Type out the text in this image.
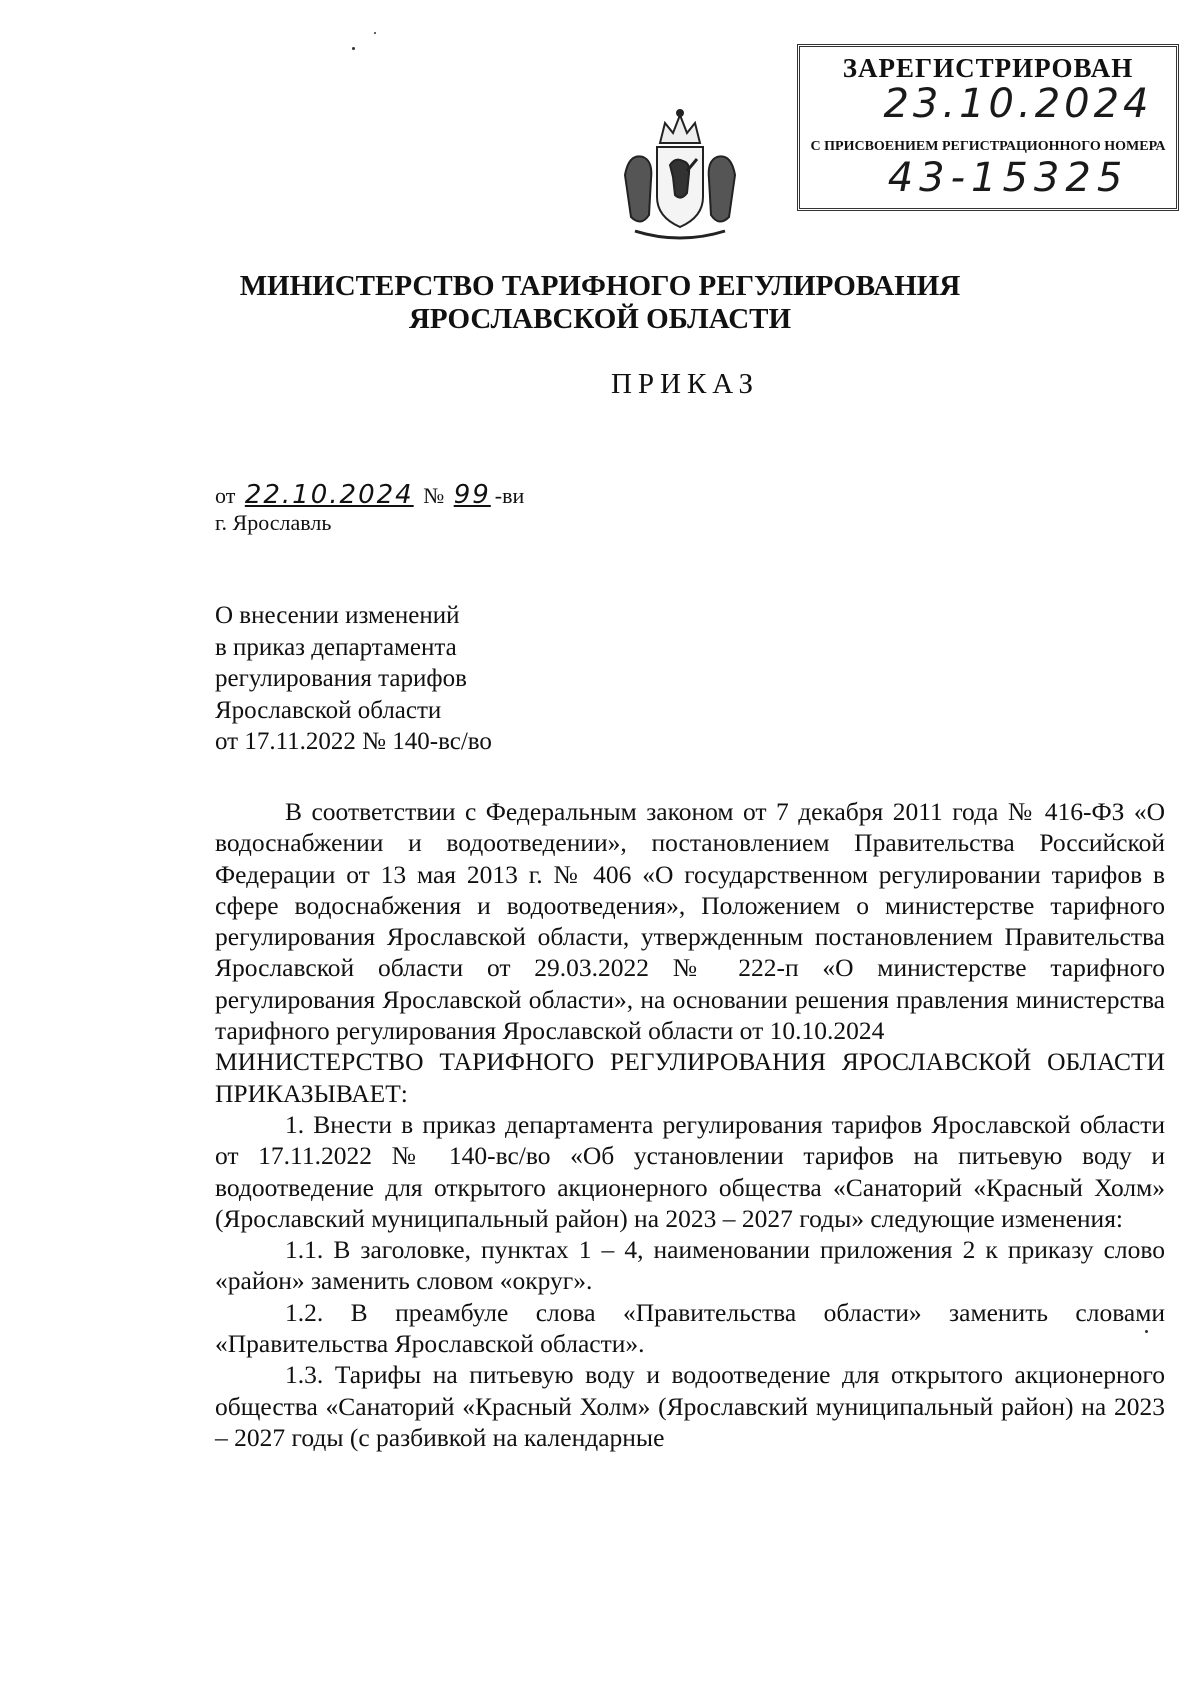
ЗАРЕГИСТРИРОВАН
23.10.2024
С ПРИСВОЕНИЕМ РЕГИСТРАЦИОННОГО НОМЕРА
43-15325
МИНИСТЕРСТВО ТАРИФНОГО РЕГУЛИРОВАНИЯ
ЯРОСЛАВСКОЙ ОБЛАСТИ
ПРИКАЗ
от 22.10.2024 № 99 -ви
г. Ярославль
О внесении изменений
в приказ департамента
регулирования тарифов
Ярославской области
от 17.11.2022 № 140-вс/во

В соответствии с Федеральным законом от 7 декабря 2011 года № 416-ФЗ «О водоснабжении и водоотведении», постановлением Правительства Российской Федерации от 13 мая 2013 г. № 406 «О государственном регулировании тарифов в сфере водоснабжения и водоотведения», Положением о министерстве тарифного регулирования Ярославской области, утвержденным постановлением Правительства Ярославской области от 29.03.2022 № 222-п «О министерстве тарифного регулирования Ярославской области», на основании решения правления министерства тарифного регулирования Ярославской области от 10.10.2024

МИНИСТЕРСТВО ТАРИФНОГО РЕГУЛИРОВАНИЯ ЯРОСЛАВСКОЙ ОБЛАСТИ ПРИКАЗЫВАЕТ:

1. Внести в приказ департамента регулирования тарифов Ярославской области от 17.11.2022 № 140-вс/во «Об установлении тарифов на питьевую воду и водоотведение для открытого акционерного общества «Санаторий «Красный Холм» (Ярославский муниципальный район) на 2023 – 2027 годы» следующие изменения:

1.1. В заголовке, пунктах 1 – 4, наименовании приложения 2 к приказу слово «район» заменить словом «округ».

1.2. В преамбуле слова «Правительства области» заменить словами «Правительства Ярославской области».

1.3. Тарифы на питьевую воду и водоотведение для открытого акционерного общества «Санаторий «Красный Холм» (Ярославский муниципальный район) на 2023 – 2027 годы (с разбивкой на календарные
